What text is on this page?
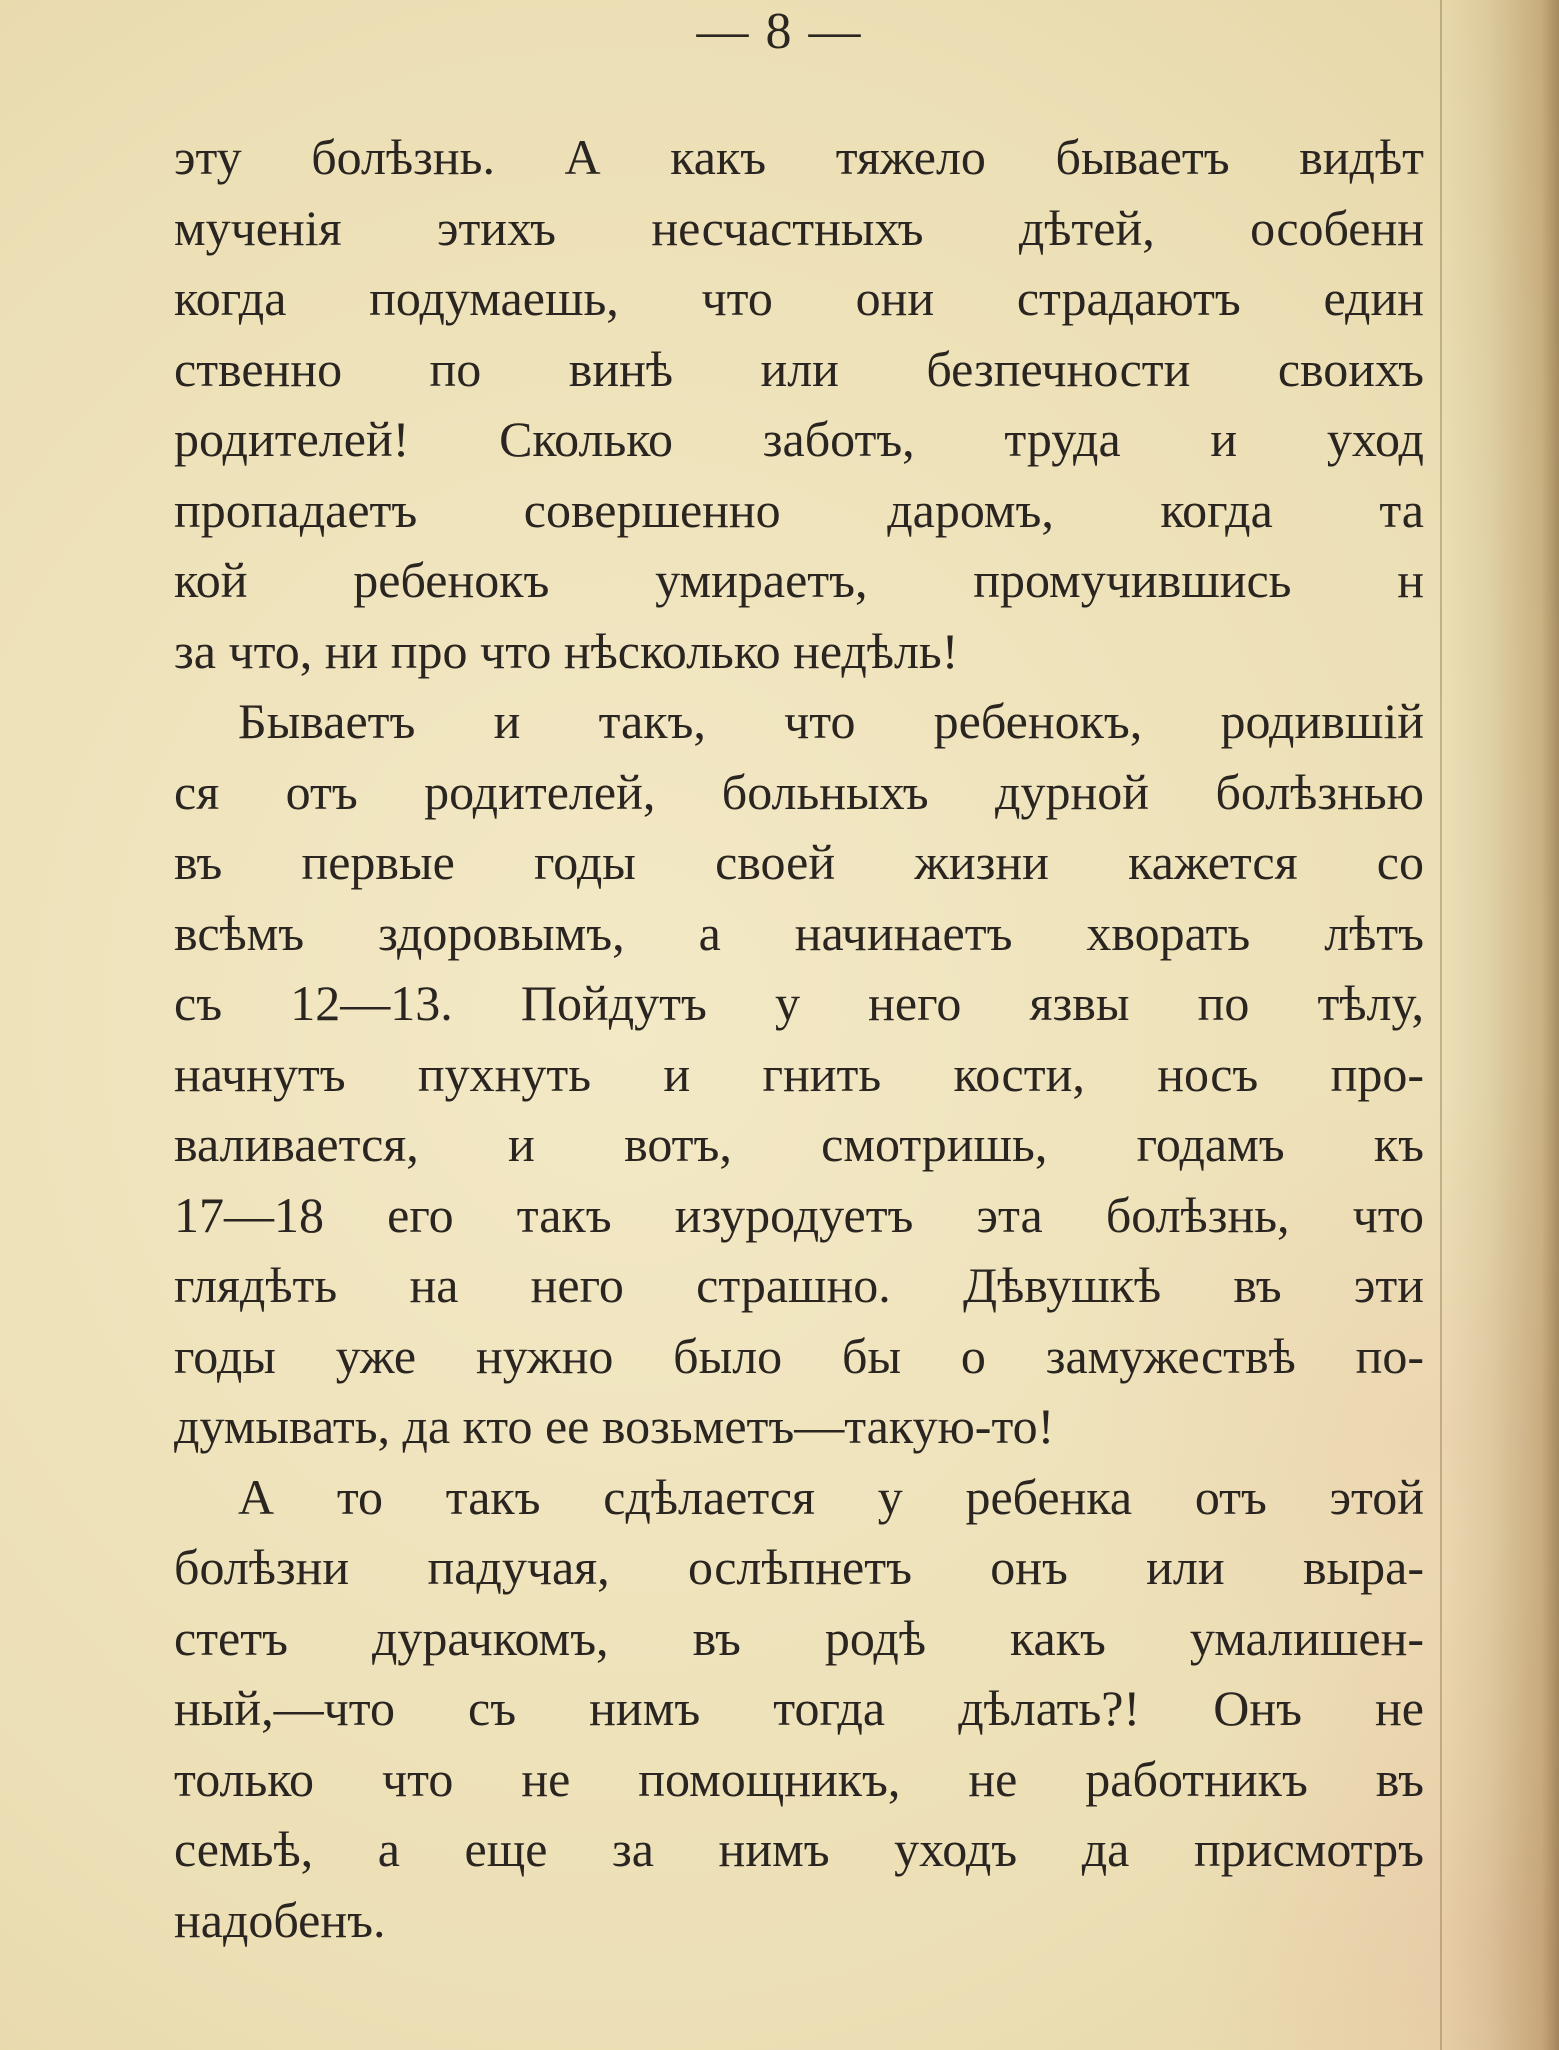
— 8 —
эту болѣзнь. А какъ тяжело бываетъ видѣт
мученія этихъ несчастныхъ дѣтей, особенн
когда подумаешь, что они страдаютъ един
ственно по винѣ или безпечности своихъ
родителей! Сколько заботъ, труда и уход
пропадаетъ совершенно даромъ, когда та
кой ребенокъ умираетъ, промучившись н
за что, ни про что нѣсколько недѣль!
Бываетъ и такъ, что ребенокъ, родившій
ся отъ родителей, больныхъ дурной болѣзнью
въ первые годы своей жизни кажется со
всѣмъ здоровымъ, а начинаетъ хворать лѣтъ
съ 12—13. Пойдутъ у него язвы по тѣлу,
начнутъ пухнуть и гнить кости, носъ про-
валивается, и вотъ, смотришь, годамъ къ
17—18 его такъ изуродуетъ эта болѣзнь, что
глядѣть на него страшно. Дѣвушкѣ въ эти
годы уже нужно было бы о замужествѣ по-
думывать, да кто ее возьметъ—такую-то!
А то такъ сдѣлается у ребенка отъ этой
болѣзни падучая, ослѣпнетъ онъ или выра-
стетъ дурачкомъ, въ родѣ какъ умалишен-
ный,—что съ нимъ тогда дѣлать?! Онъ не
только что не помощникъ, не работникъ въ
семьѣ, а еще за нимъ уходъ да присмотръ
надобенъ.
